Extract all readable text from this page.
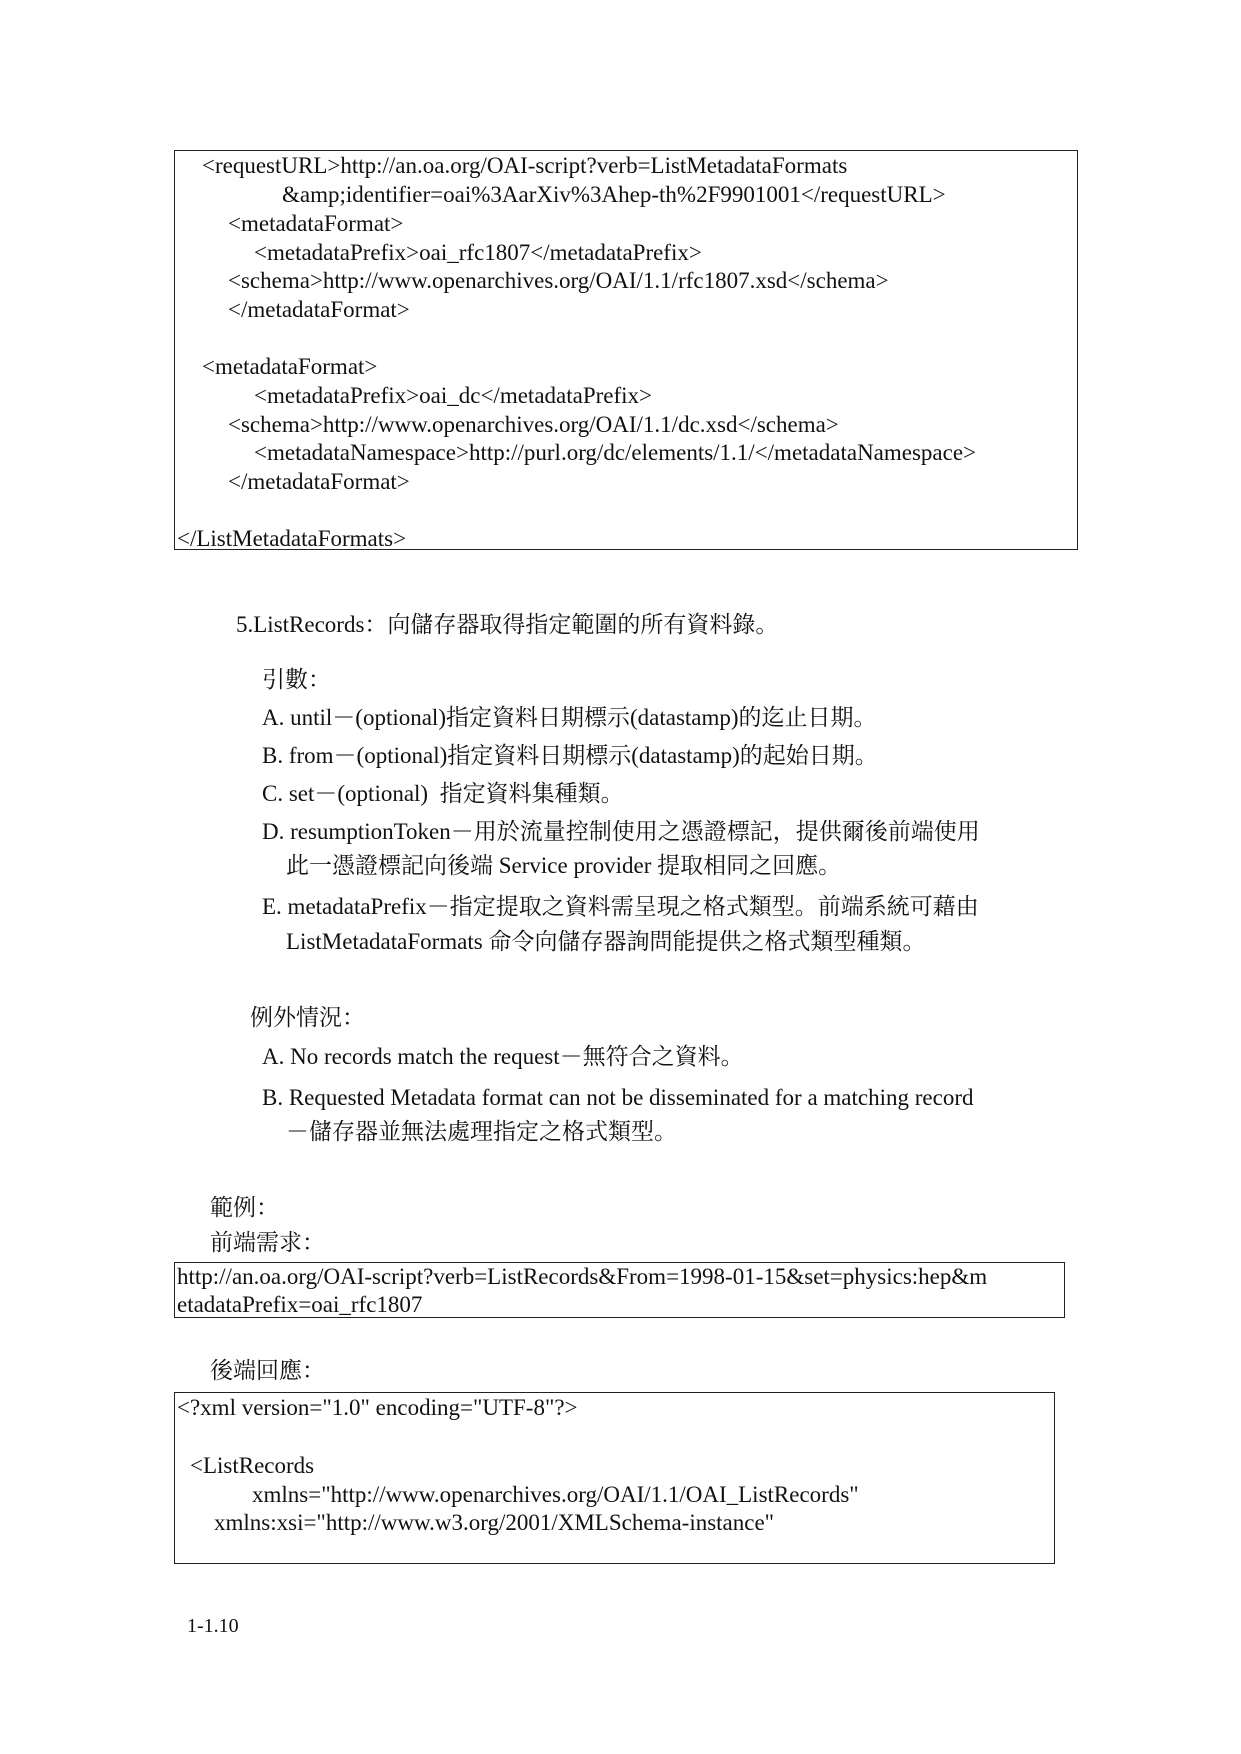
<requestURL>http://an.oa.org/OAI-script?verb=ListMetadataFormats
&amp;identifier=oai%3AarXiv%3Ahep-th%2F9901001</requestURL>
<metadataFormat>
<metadataPrefix>oai_rfc1807</metadataPrefix>
<schema>http://www.openarchives.org/OAI/1.1/rfc1807.xsd</schema>
</metadataFormat>
<metadataFormat>
<metadataPrefix>oai_dc</metadataPrefix>
<schema>http://www.openarchives.org/OAI/1.1/dc.xsd</schema>
<metadataNamespace>http://purl.org/dc/elements/1.1/</metadataNamespace>
</metadataFormat>
</ListMetadataFormats>
5.ListRecords：向儲存器取得指定範圍的所有資料錄。
引數：
A. until－(optional)指定資料日期標示(datastamp)的迄止日期。
B. from－(optional)指定資料日期標示(datastamp)的起始日期。
C. set－(optional)  指定資料集種類。
D. resumptionToken－用於流量控制使用之憑證標記，提供爾後前端使用
此一憑證標記向後端 Service provider 提取相同之回應。
E. metadataPrefix－指定提取之資料需呈現之格式類型。前端系統可藉由
ListMetadataFormats 命令向儲存器詢問能提供之格式類型種類。
例外情況：
A. No records match the request－無符合之資料。
B. Requested Metadata format can not be disseminated for a matching record
－儲存器並無法處理指定之格式類型。
範例：
前端需求：
http://an.oa.org/OAI-script?verb=ListRecords&From=1998-01-15&set=physics:hep&m
etadataPrefix=oai_rfc1807
後端回應：
<?xml version="1.0" encoding="UTF-8"?>
<ListRecords
xmlns="http://www.openarchives.org/OAI/1.1/OAI_ListRecords"
xmlns:xsi="http://www.w3.org/2001/XMLSchema-instance"
1-1.10
